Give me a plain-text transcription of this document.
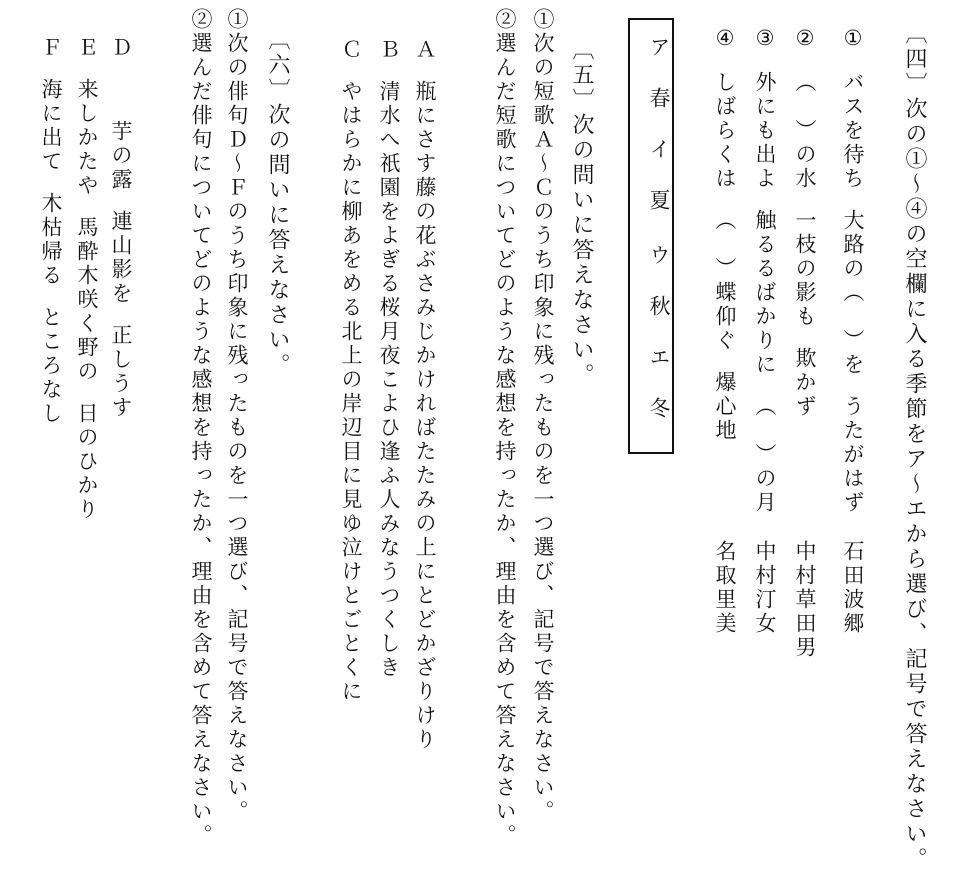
〔四〕次の①～④の空欄に入る季節をア～エから選び、記号で答えなさい。
①バスを待ち大路の（　）をうたがはず
石田波郷
②（　）の水一枝の影も欺かず
中村草田男
③外にも出よ触るるばかりに（　）の月
中村汀女
④しばらくは（　）蝶仰ぐ爆心地
名取里美
ア 春
イ 夏
ウ 秋
エ 冬
〔五〕次の問いに答えなさい。
①次の短歌Ａ～Ｃのうち印象に残ったものを一つ選び、記号で答えなさい。
②選んだ短歌についてどのような感想を持ったか、理由を含めて答えなさい。
Ａ瓶にさす藤の花ぶさみじかければたたみの上にとどかざりけり
Ｂ清水へ祇園をよぎる桜月夜こよひ逢ふ人みなうつくしき
Ｃやはらかに柳あをめる北上の岸辺目に見ゆ泣けとごとくに
〔六〕次の問いに答えなさい。
①次の俳句Ｄ～Ｆのうち印象に残ったものを一つ選び、記号で答えなさい。
②選んだ俳句についてどのような感想を持ったか、理由を含めて答えなさい。
Ｄ芋の露連山影を正しうす
Ｅ来しかたや馬酔木咲く野の日のひかり
Ｆ海に出て木枯帰るところなし
